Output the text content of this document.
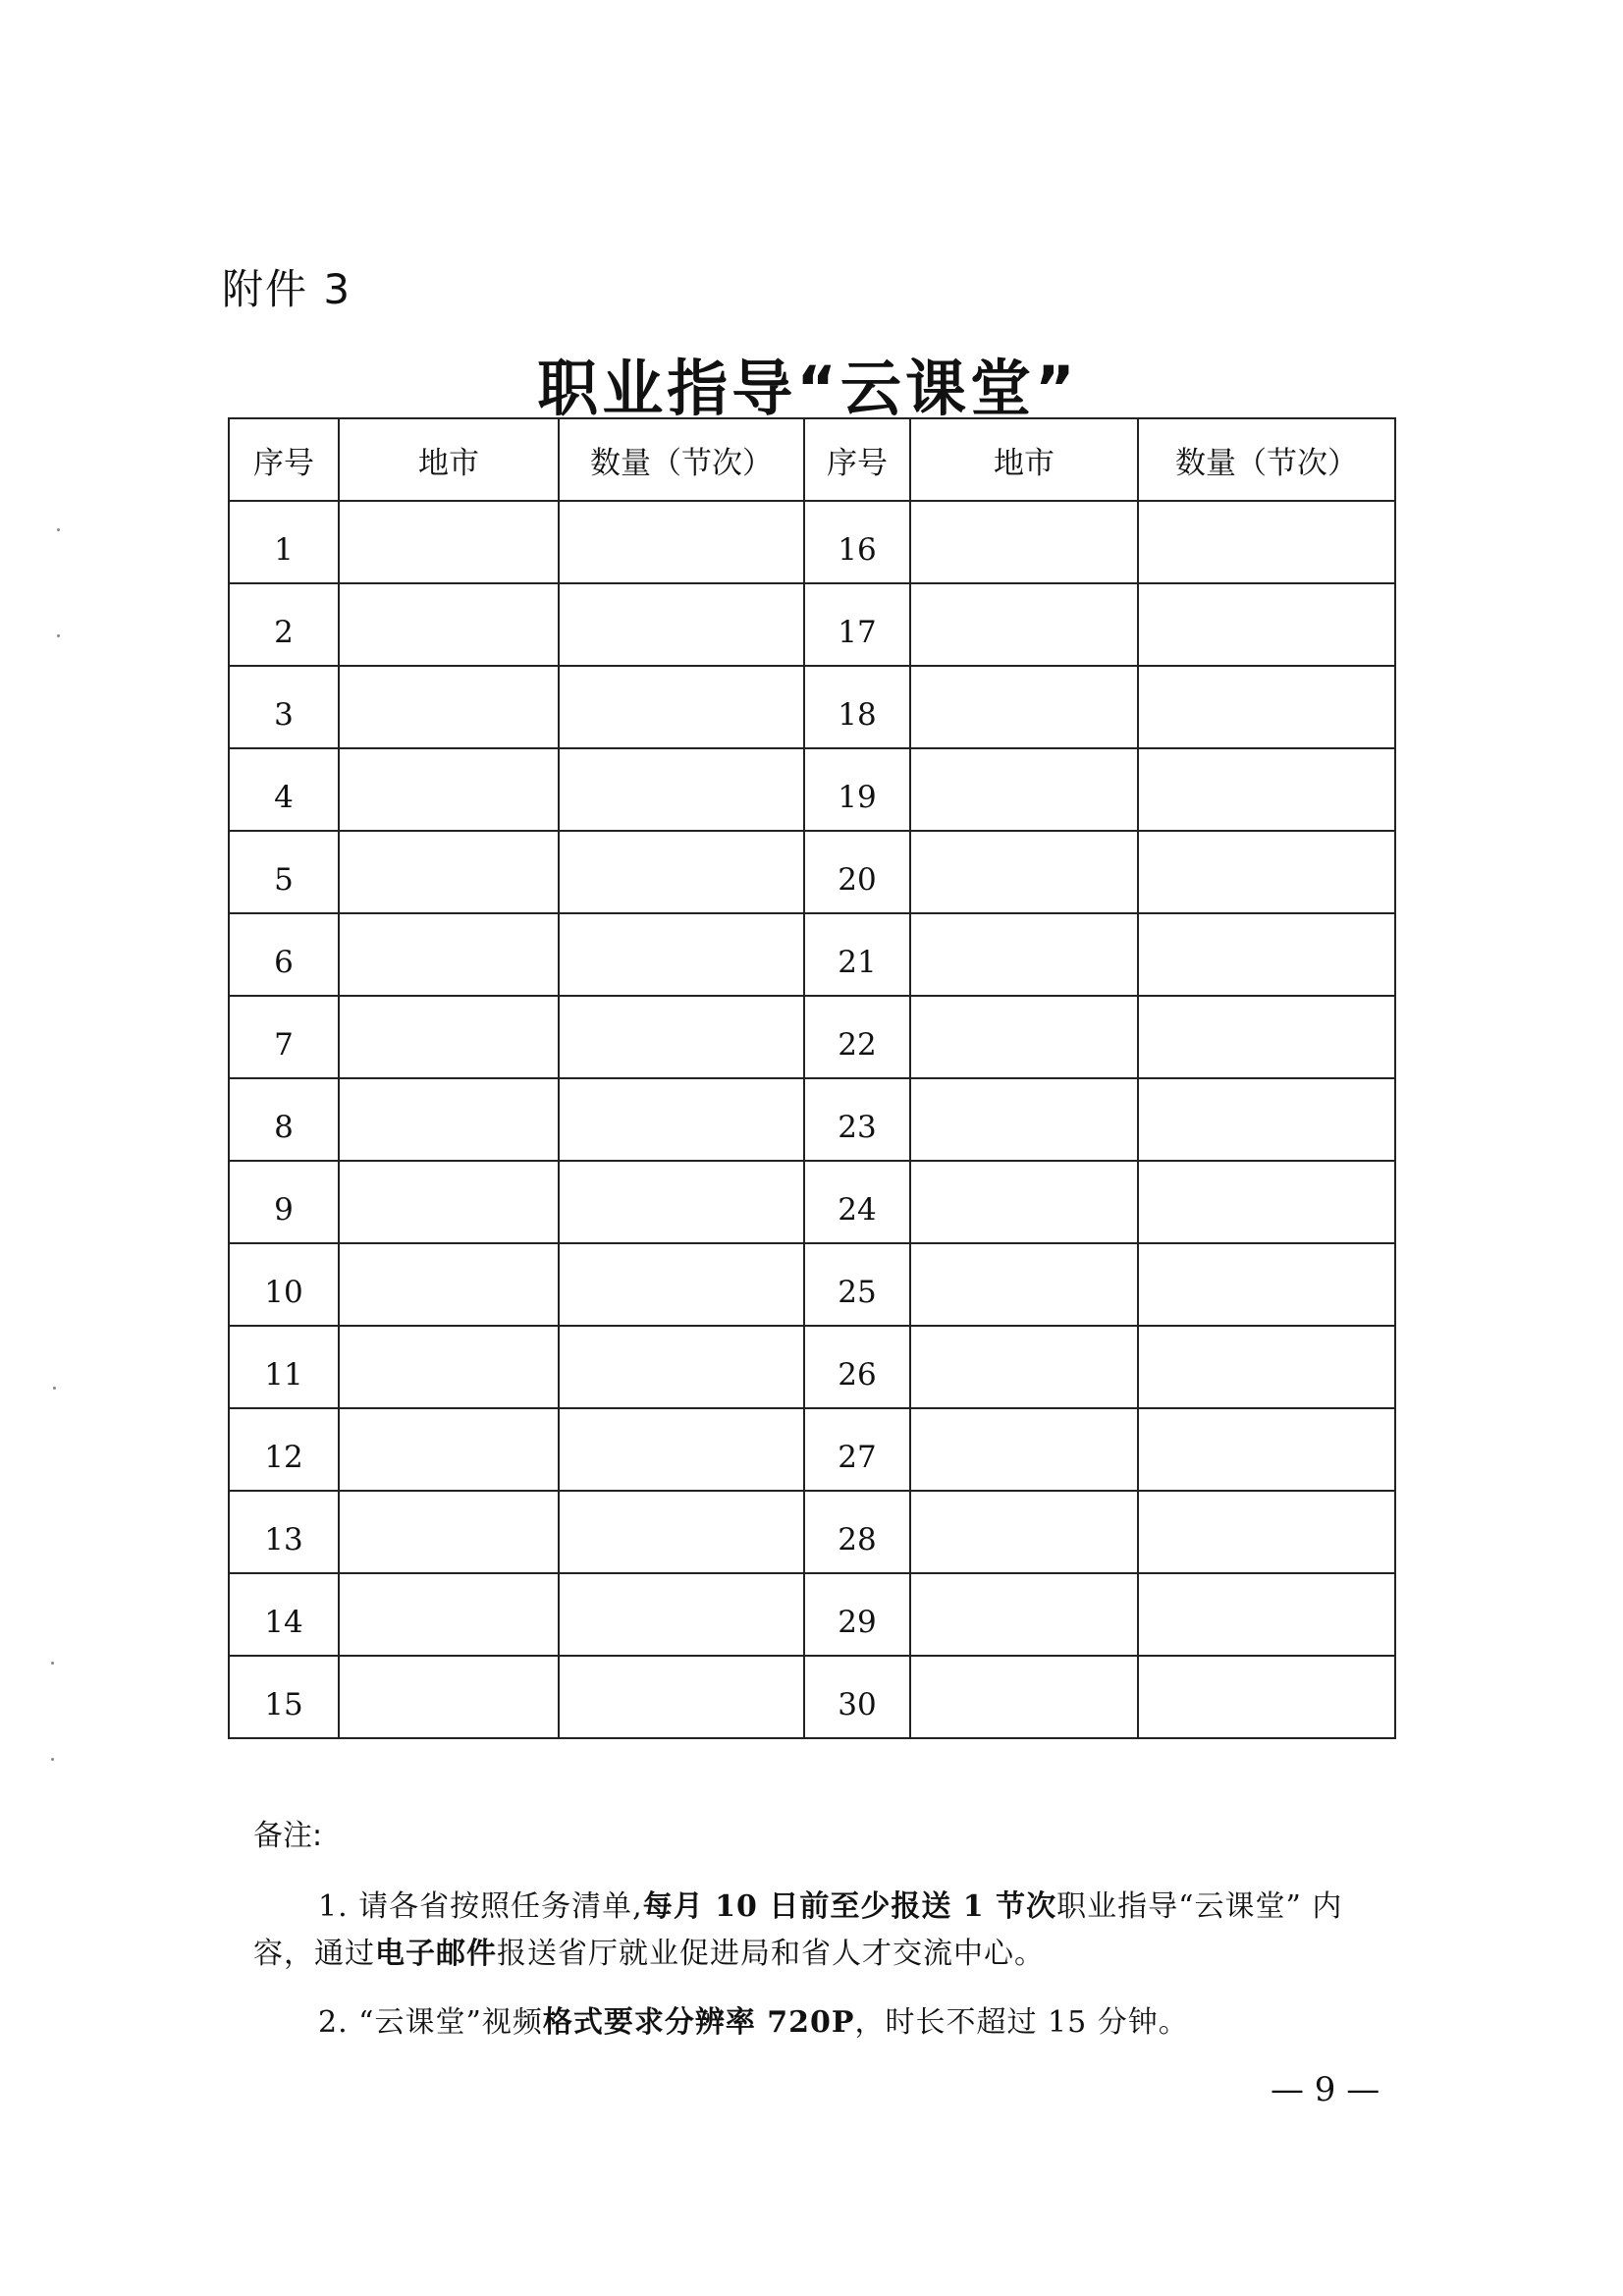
附件 3
职业指导“云课堂”
序号	地市	数量（节次）	序号	地市	数量（节次）
1			16		
2			17		
3			18		
4			19		
5			20		
6			21		
7			22		
8			23		
9			24		
10			25		
11			26		
12			27		
13			28		
14			29		
15			30		
备注:

1. 请各省按照任务清单,每月 10 日前至少报送 1 节次职业指导“云课堂” 内容，通过电子邮件报送省厅就业促进局和省人才交流中心。

2. “云课堂”视频格式要求分辨率 720P，时长不超过 15 分钟。

— 9 —
